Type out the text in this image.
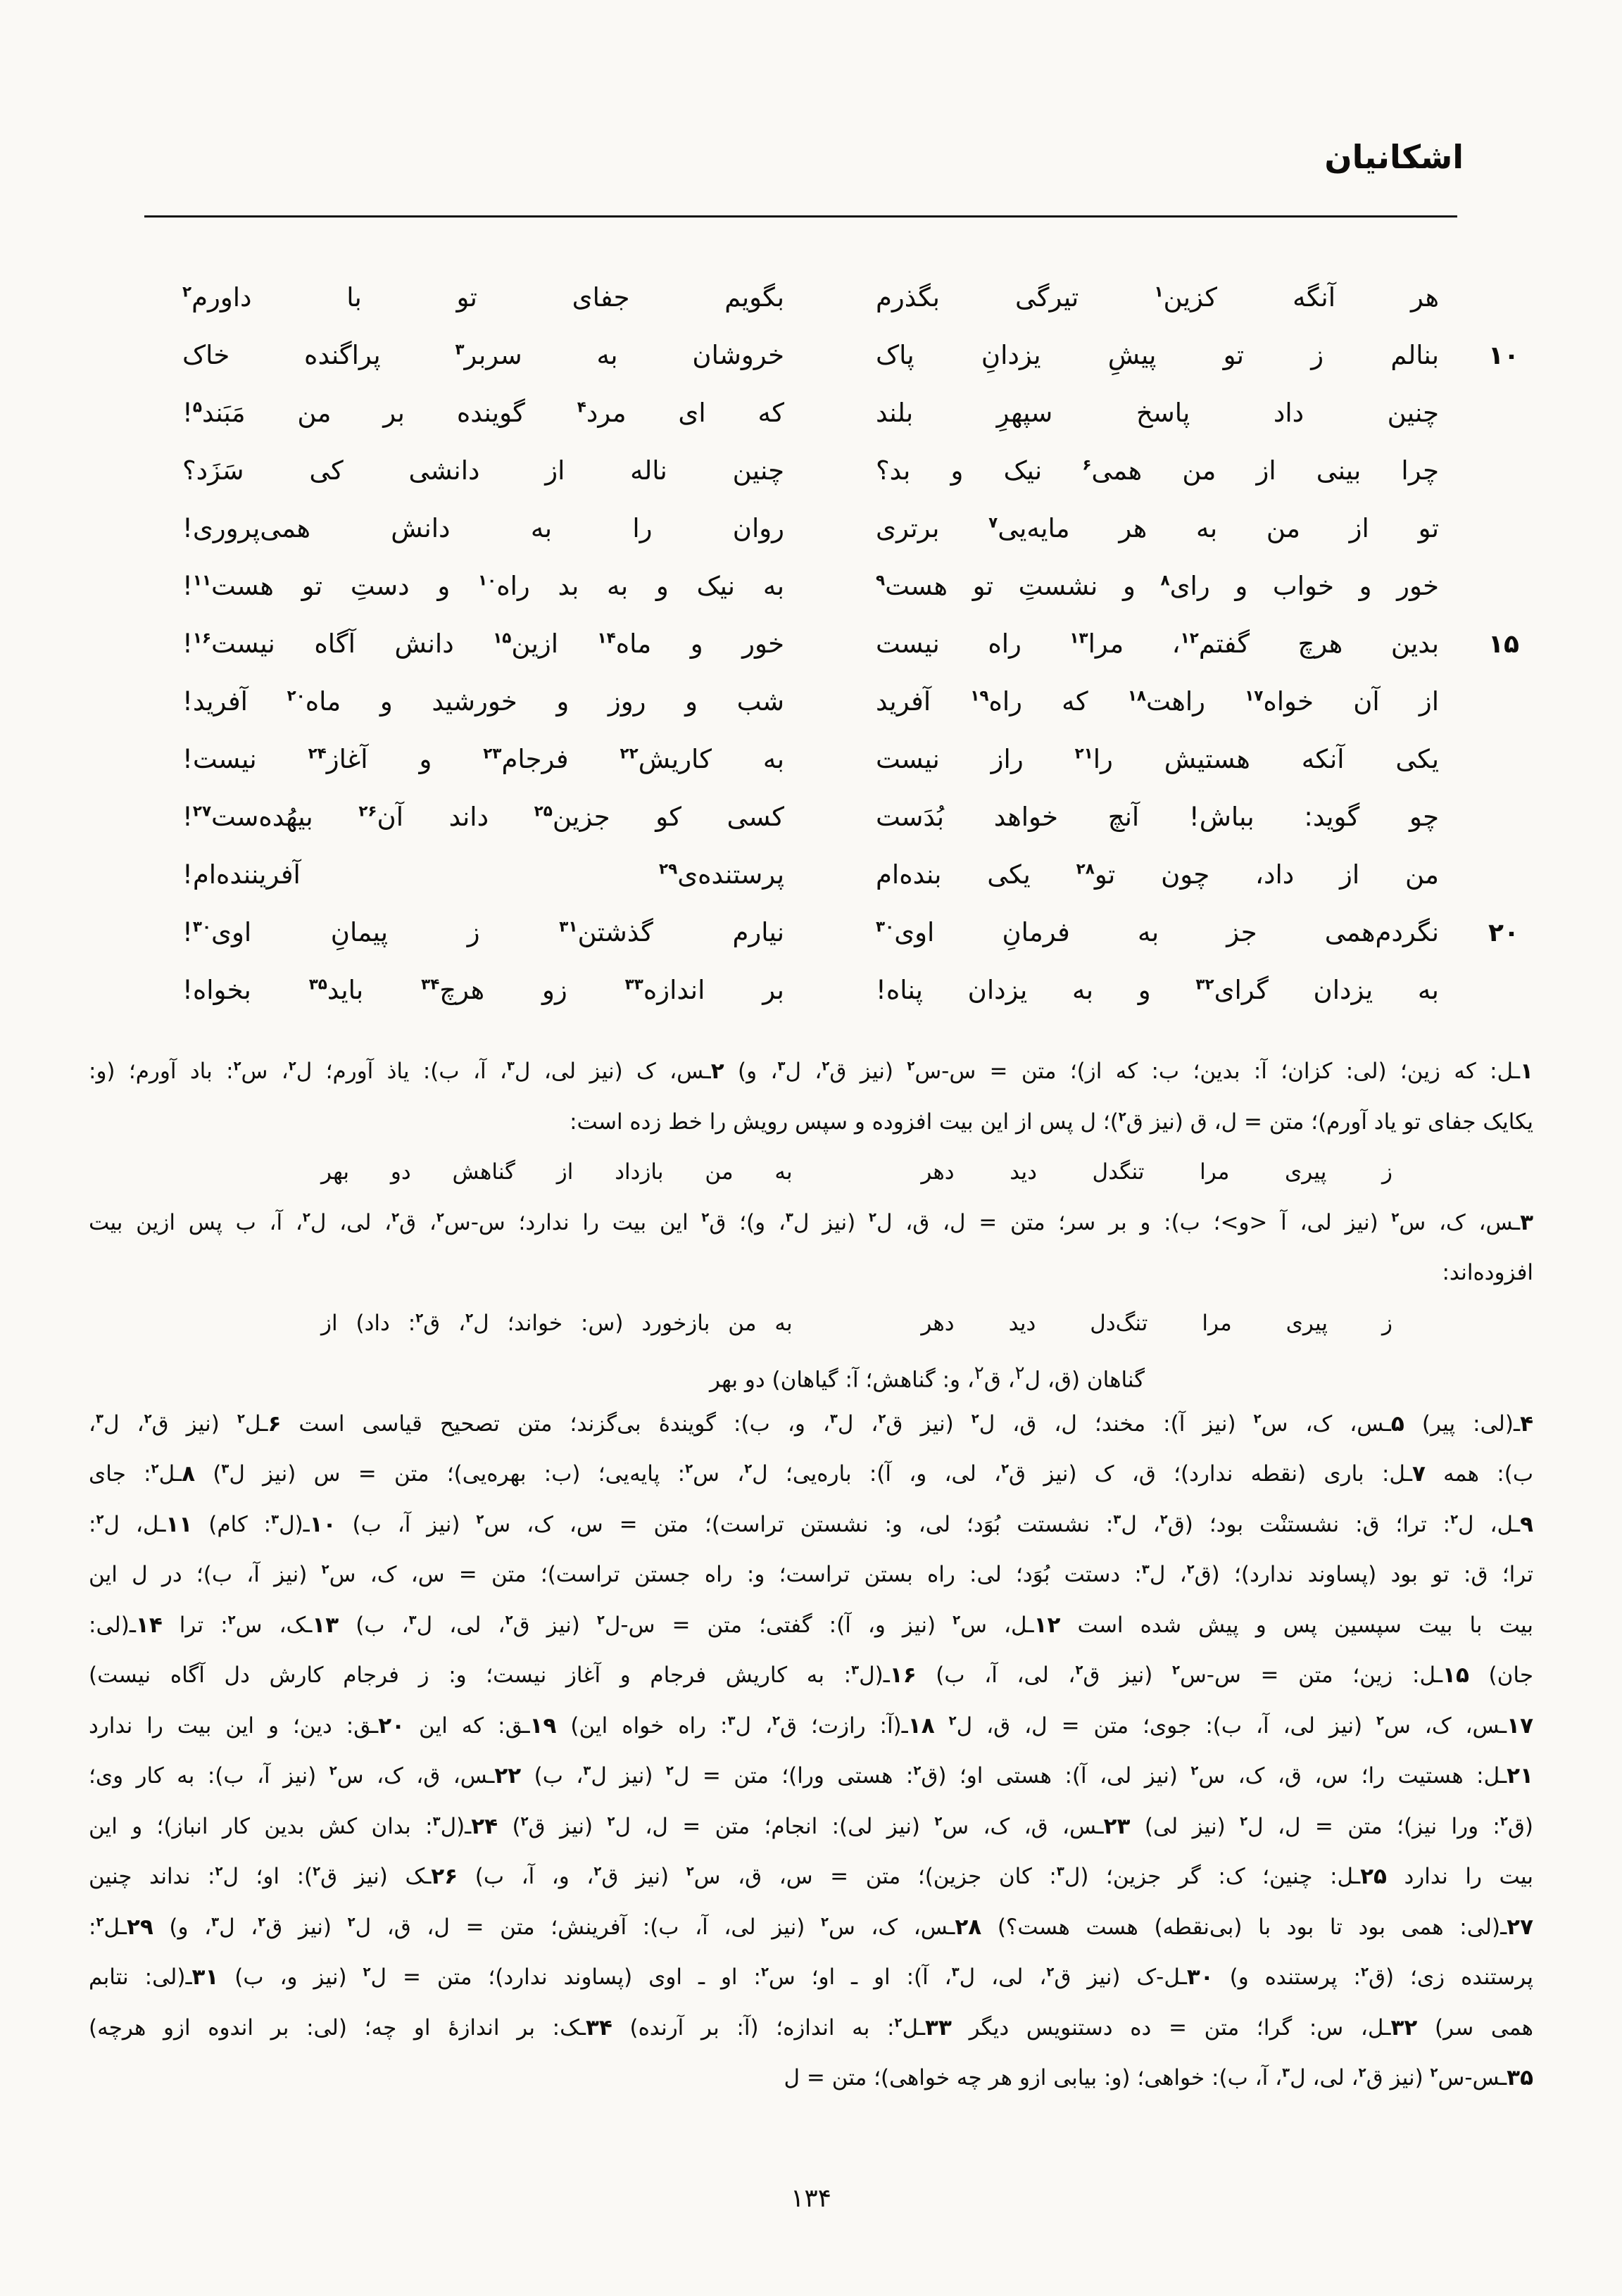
اشکانیان
هر آنگه کزین$^۱$ تیرگی بگذرم
بگویم جفای تو با داورم$^۲$
۱۰
بنالم ز تو پیشِ یزدانِ پاک
خروشان به سربر$^۳$ پراگنده خاک
چنین داد پاسخ سپهرِ بلند
که ای مرد$^۴$ گوینده بر من مَبَند$^۵$!
چرا بینی از من همی$^۶$ نیک و بد؟
چنین ناله از دانشی کی سَزَد؟
تو از من به هر مایه‌یی$^۷$ برتری
روان را به دانش همی‌پروری!
خور و خواب و رای$^۸$ و نشستِ تو هست$^۹$
به نیک و به بد راه$^{۱۰}$ و دستِ تو هست$^{۱۱}$!
۱۵
بدین هرچ گفتم$^{۱۲}$، مرا$^{۱۳}$ راه نیست
خور و ماه$^{۱۴}$ ازین$^{۱۵}$ دانش آگاه نیست$^{۱۶}$!
از آن خواه$^{۱۷}$ راهت$^{۱۸}$ که راه$^{۱۹}$ آفرید
شب و روز و خورشید و ماه$^{۲۰}$ آفرید!
یکی آنکه هستیش را$^{۲۱}$ راز نیست
به کاریش$^{۲۲}$ فرجام$^{۲۳}$ و آغاز$^{۲۴}$ نیست!
چو گوید: بباش! آنچ خواهد بُدَست
کسی کو جزین$^{۲۵}$ داند آن$^{۲۶}$ بیهُده‌ست$^{۲۷}$!
من از داد، چون تو$^{۲۸}$ یکی بنده‌ام
پرستنده‌ی$^{۲۹}$ آفریننده‌ام!
۲۰
نگردم‌همی جز به فرمانِ اوی$^{۳۰}$
نیارم گذشتن$^{۳۱}$ ز پیمانِ اوی$^{۳۰}$!
به یزدان گرای$^{۳۲}$ و به یزدان پناه!
بر اندازه$^{۳۳}$ زو هرچ$^{۳۴}$ باید$^{۳۵}$ بخواه!
۱ـل: که زین؛ (لی: کزان؛ آ: بدین؛ ب: که از)؛ متن = س-س$^۲$ (نیز ق$^۲$، ل$^۳$، و) ۲ـس، ک (نیز لی، ل$^۳$، آ، ب): یاذ آورم؛ ل$^۲$، س$^۲$: باد آورم؛ (و:
یکایک جفای تو یاد آورم)؛ متن = ل، ق (نیز ق$^۲$)؛ ل پس از این بیت افزوده و سپس رویش را خط زده است:
ز پیری مرا تنگدل دید دهر
به من بازداد از گناهش دو بهر
۳ـس، ک، س$^۲$ (نیز لی، آ <و>؛ ب): و بر سر؛ متن = ل، ق، ل$^۲$ (نیز ل$^۳$، و)؛ ق$^۲$ این بیت را ندارد؛ س-س$^۲$، ق$^۲$، لی، ل$^۲$، آ، ب پس ازین بیت
افزوده‌اند:
ز پیری مرا تنگ‌دل دید دهر
به من بازخورد (س: خواند؛ ل$^۲$، ق$^۲$: داد) از
گناهان (ق، ل$^۲$، ق$^۲$، و: گناهش؛ آ: گیاهان) دو بهر
۴ـ(لی: پیر) ۵ـس، ک، س$^۲$ (نیز آ): مخند؛ ل، ق، ل$^۲$ (نیز ق$^۲$، ل$^۳$، و، ب): گویندهٔ بی‌گزند؛ متن تصحیح قیاسی است ۶ـل$^۲$ (نیز ق$^۲$، ل$^۳$،
ب): همه ۷ـل: باری (نقطه ندارد)؛ ق، ک (نیز ق$^۲$، لی، و، آ): باره‌یی؛ ل$^۲$، س$^۲$: پایه‌یی؛ (ب: بهره‌یی)؛ متن = س (نیز ل$^۳$) ۸ـل$^۲$: جای
۹ـل، ل$^۲$: ترا؛ ق: نشستنْت بود؛ (ق$^۲$، ل$^۳$: نشستت بُوَد؛ لی، و: نشستن تراست)؛ متن = س، ک، س$^۲$ (نیز آ، ب) ۱۰ـ(ل$^۳$: کام) ۱۱ـل، ل$^۲$:
ترا؛ ق: تو بود (پساوند ندارد)؛ (ق$^۲$، ل$^۳$: دستت بُوَد؛ لی: راه بستن تراست؛ و: راه جستن تراست)؛ متن = س، ک، س$^۲$ (نیز آ، ب)؛ در ل این
بیت با بیت سپسین پس و پیش شده است ۱۲ـل، س$^۲$ (نیز و، آ): گفتی؛ متن = س-ل$^۲$ (نیز ق$^۲$، لی، ل$^۳$، ب) ۱۳ـک، س$^۲$: ترا ۱۴ـ(لی:
جان) ۱۵ـل: زین؛ متن = س-س$^۲$ (نیز ق$^۲$، لی، آ، ب) ۱۶ـ(ل$^۳$: به کاریش فرجام و آغاز نیست؛ و: ز فرجام کارش دل آگاه نیست)
۱۷ـس، ک، س$^۲$ (نیز لی، آ، ب): جوی؛ متن = ل، ق، ل$^۲$ ۱۸ـ(آ: رازت؛ ق$^۲$، ل$^۳$: راه خواه این) ۱۹ـق: که این ۲۰ـق: دین؛ و این بیت را ندارد
۲۱ـل: هستیت را؛ س، ق، ک، س$^۲$ (نیز لی، آ): هستی او؛ (ق$^۲$: هستی ورا)؛ متن = ل$^۲$ (نیز ل$^۳$، ب) ۲۲ـس، ق، ک، س$^۲$ (نیز آ، ب): به کار وی؛
(ق$^۲$: ورا نیز)؛ متن = ل، ل$^۲$ (نیز لی) ۲۳ـس، ق، ک، س$^۲$ (نیز لی): انجام؛ متن = ل، ل$^۲$ (نیز ق$^۲$) ۲۴ـ(ل$^۳$: بدان کش بدین کار انباز)؛ و این
بیت را ندارد ۲۵ـل: چنین؛ ک: گر جزین؛ (ل$^۳$: کان جزین)؛ متن = س، ق، س$^۲$ (نیز ق$^۲$، و، آ، ب) ۲۶ـک (نیز ق$^۲$): او؛ ل$^۲$: نداند چنین
۲۷ـ(لی: همی بود تا بود با (بی‌نقطه) هست هست؟) ۲۸ـس، ک، س$^۲$ (نیز لی، آ، ب): آفرینش؛ متن = ل، ق، ل$^۲$ (نیز ق$^۲$، ل$^۳$، و) ۲۹ـل$^۲$:
پرستنده زی؛ (ق$^۲$: پرستنده و) ۳۰ـل-ک (نیز ق$^۲$، لی، ل$^۳$، آ): او ـ او؛ س$^۲$: او ـ اوی (پساوند ندارد)؛ متن = ل$^۲$ (نیز و، ب) ۳۱ـ(لی: نتابم
همی سر) ۳۲ـل، س: گرا؛ متن = ده دستنویس دیگر ۳۳ـل$^۲$: به اندازه؛ (آ: بر آرنده) ۳۴ـک: بر اندازهٔ او چه؛ (لی: بر اندوه ازو هرچه)
۳۵ـس-س$^۲$ (نیز ق$^۲$، لی، ل$^۳$، آ، ب): خواهی؛ (و: بیابی ازو هر چه خواهی)؛ متن = ل
۱۳۴
